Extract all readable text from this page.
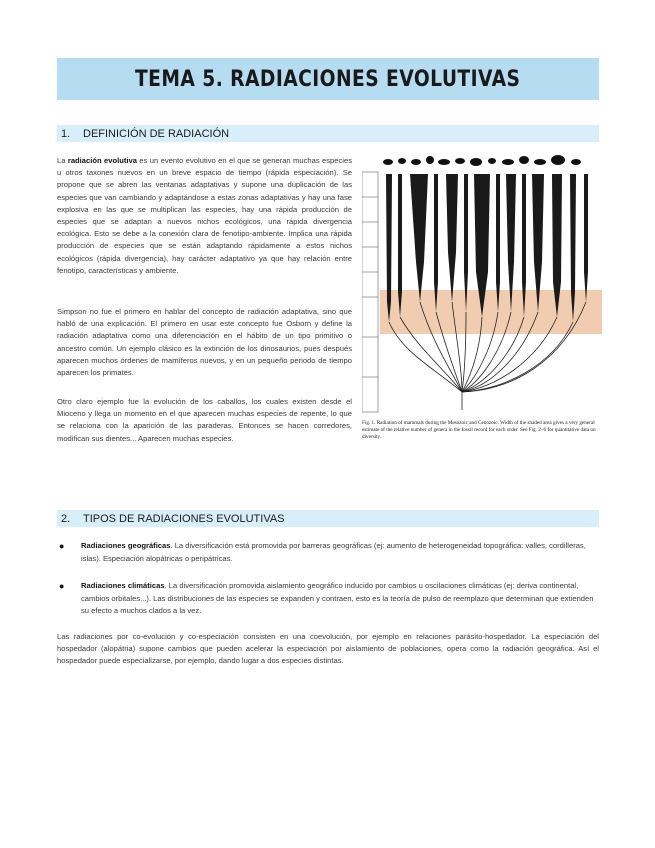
TEMA 5. RADIACIONES EVOLUTIVAS
1.	DEFINICIÓN DE RADIACIÓN

La radiación evolutiva es un evento evolutivo en el que se generan muchas especies u otros taxones nuevos en un breve espacio de tiempo (rápida especiación). Se propone que se abren las ventanas adaptativas y supone una duplicación de las especies que van cambiando y adaptándose a estas zonas adaptativas y hay una fase explosiva en las que se multiplican las especies, hay una rápida producción de especies que se adaptan a nuevos nichos ecológicos, una rápida divergencia ecológica. Esto se debe a la conexión clara de fenotipo-ambiente. Implica una rápida producción de especies que se están adaptando rápidamente a estos nichos ecológicos (rápida divergencia), hay carácter adaptativo ya que hay relación entre fenotipo, características y ambiente.

Simpson no fue el primero en hablar del concepto de radiación adaptativa, sino que habló de una explicación. El primero en usar este concepto fue Osborn y define la radiación adaptativa como una diferenciación en el hábito de un tipo primitivo o ancestro común. Un ejemplo clásico es la extinción de los dinosaurios, pues después aparecen muchos órdenes de mamíferos nuevos, y en un pequeño periodo de tiempo aparecen los primates.

Otro claro ejemplo fue la evolución de los caballos, los cuales existen desde el Mioceno y llega un momento en el que aparecen muchas especies de repente, lo que se relaciona con la aparición de las paraderas. Entonces se hacen corredores, modifican sus dientes... Aparecen muchas especies.

Fig. 1. Radiation of mammals during the Mesozoic and Cenozoic. Width of the shaded area gives a very general estimate of the relative number of genera in the fossil record for each order. See Fig. 2–6 for quantitative data on diversity.

2.	TIPOS DE RADIACIONES EVOLUTIVAS
●	Radiaciones geográficas. La diversificación está promovida por barreras geográficas (ej: aumento de heterogeneidad topográfica: valles, cordilleras, islas). Especiación alopátricas o peripátricas.

●	Radiaciones climáticas. La diversificación promovida aislamiento geográfico inducido por cambios u oscilaciones climáticas (ej: deriva continental, cambios orbitales...). Las distribuciones de las especies se expanden y contraen, esto es la teoría de pulso de reemplazo que determinan que extienden su efecto a muchos clados a la vez.

Las radiaciones por co-evolución y co-especiación consisten en una coevolución, por ejemplo en relaciones parásito-hospedador. La especiación del hospedador (alopátria) supone cambios que pueden acelerar la especiación por aislamiento de poblaciones, opera como la radiación geográfica. Así el hospedador puede especializarse, por ejemplo, dando lugar a dos especies distintas.
